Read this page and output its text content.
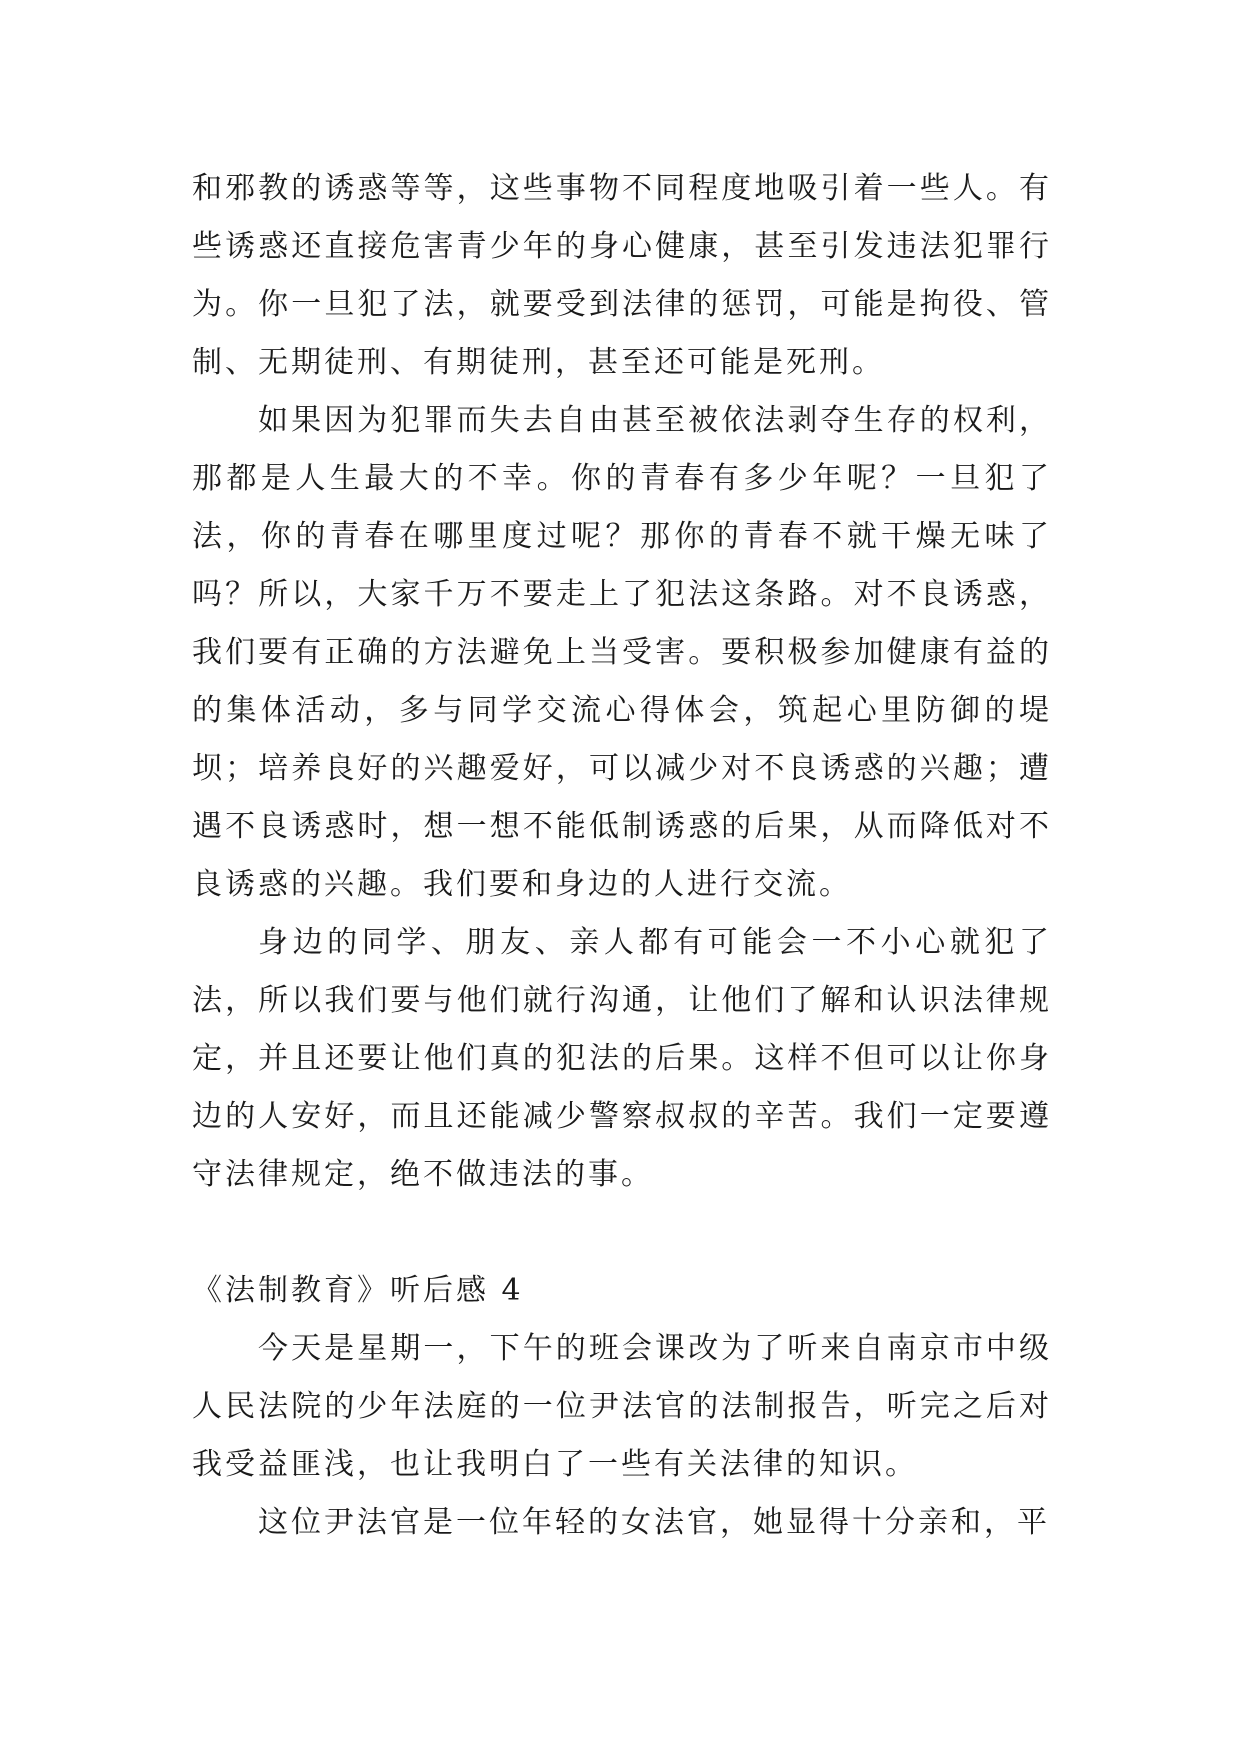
和邪教的诱惑等等，这些事物不同程度地吸引着一些人。有些诱惑还直接危害青少年的身心健康，甚至引发违法犯罪行为。你一旦犯了法，就要受到法律的惩罚，可能是拘役、管制、无期徒刑、有期徒刑，甚至还可能是死刑。

如果因为犯罪而失去自由甚至被依法剥夺生存的权利，那都是人生最大的不幸。你的青春有多少年呢？一旦犯了法，你的青春在哪里度过呢？那你的青春不就干燥无味了吗？所以，大家千万不要走上了犯法这条路。对不良诱惑，我们要有正确的方法避免上当受害。要积极参加健康有益的的集体活动，多与同学交流心得体会，筑起心里防御的堤坝；培养良好的兴趣爱好，可以减少对不良诱惑的兴趣；遭遇不良诱惑时，想一想不能低制诱惑的后果，从而降低对不良诱惑的兴趣。我们要和身边的人进行交流。

身边的同学、朋友、亲人都有可能会一不小心就犯了法，所以我们要与他们就行沟通，让他们了解和认识法律规定，并且还要让他们真的犯法的后果。这样不但可以让你身边的人安好，而且还能减少警察叔叔的辛苦。我们一定要遵守法律规定，绝不做违法的事。

《法制教育》听后感 4

今天是星期一，下午的班会课改为了听来自南京市中级人民法院的少年法庭的一位尹法官的法制报告，听完之后对我受益匪浅，也让我明白了一些有关法律的知识。

这位尹法官是一位年轻的女法官，她显得十分亲和，平
